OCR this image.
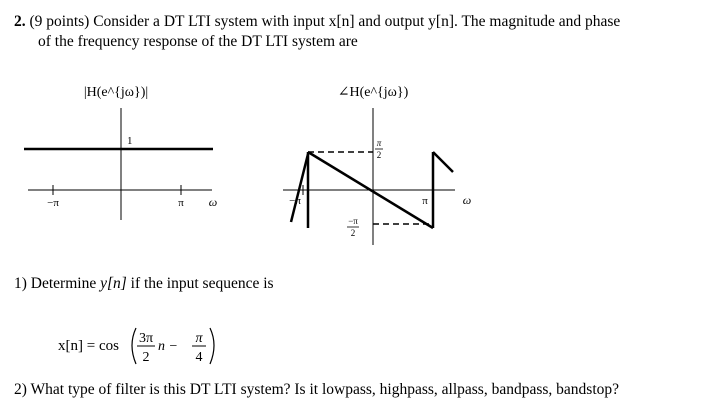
2. (9 points) Consider a DT LTI system with input x[n] and output y[n]. The magnitude and phase
of the frequency response of the DT LTI system are
|H(e^{jω})|
1
−π	π ω
∠H(e^{jω})
π
2
−π
2
−π	π	ω
1) Determine y[n] if the input sequence is
x[n] = cos 3π
2
n −
π
4
2) What type of filter is this DT LTI system? Is it lowpass, highpass, allpass, bandpass, bandstop?
